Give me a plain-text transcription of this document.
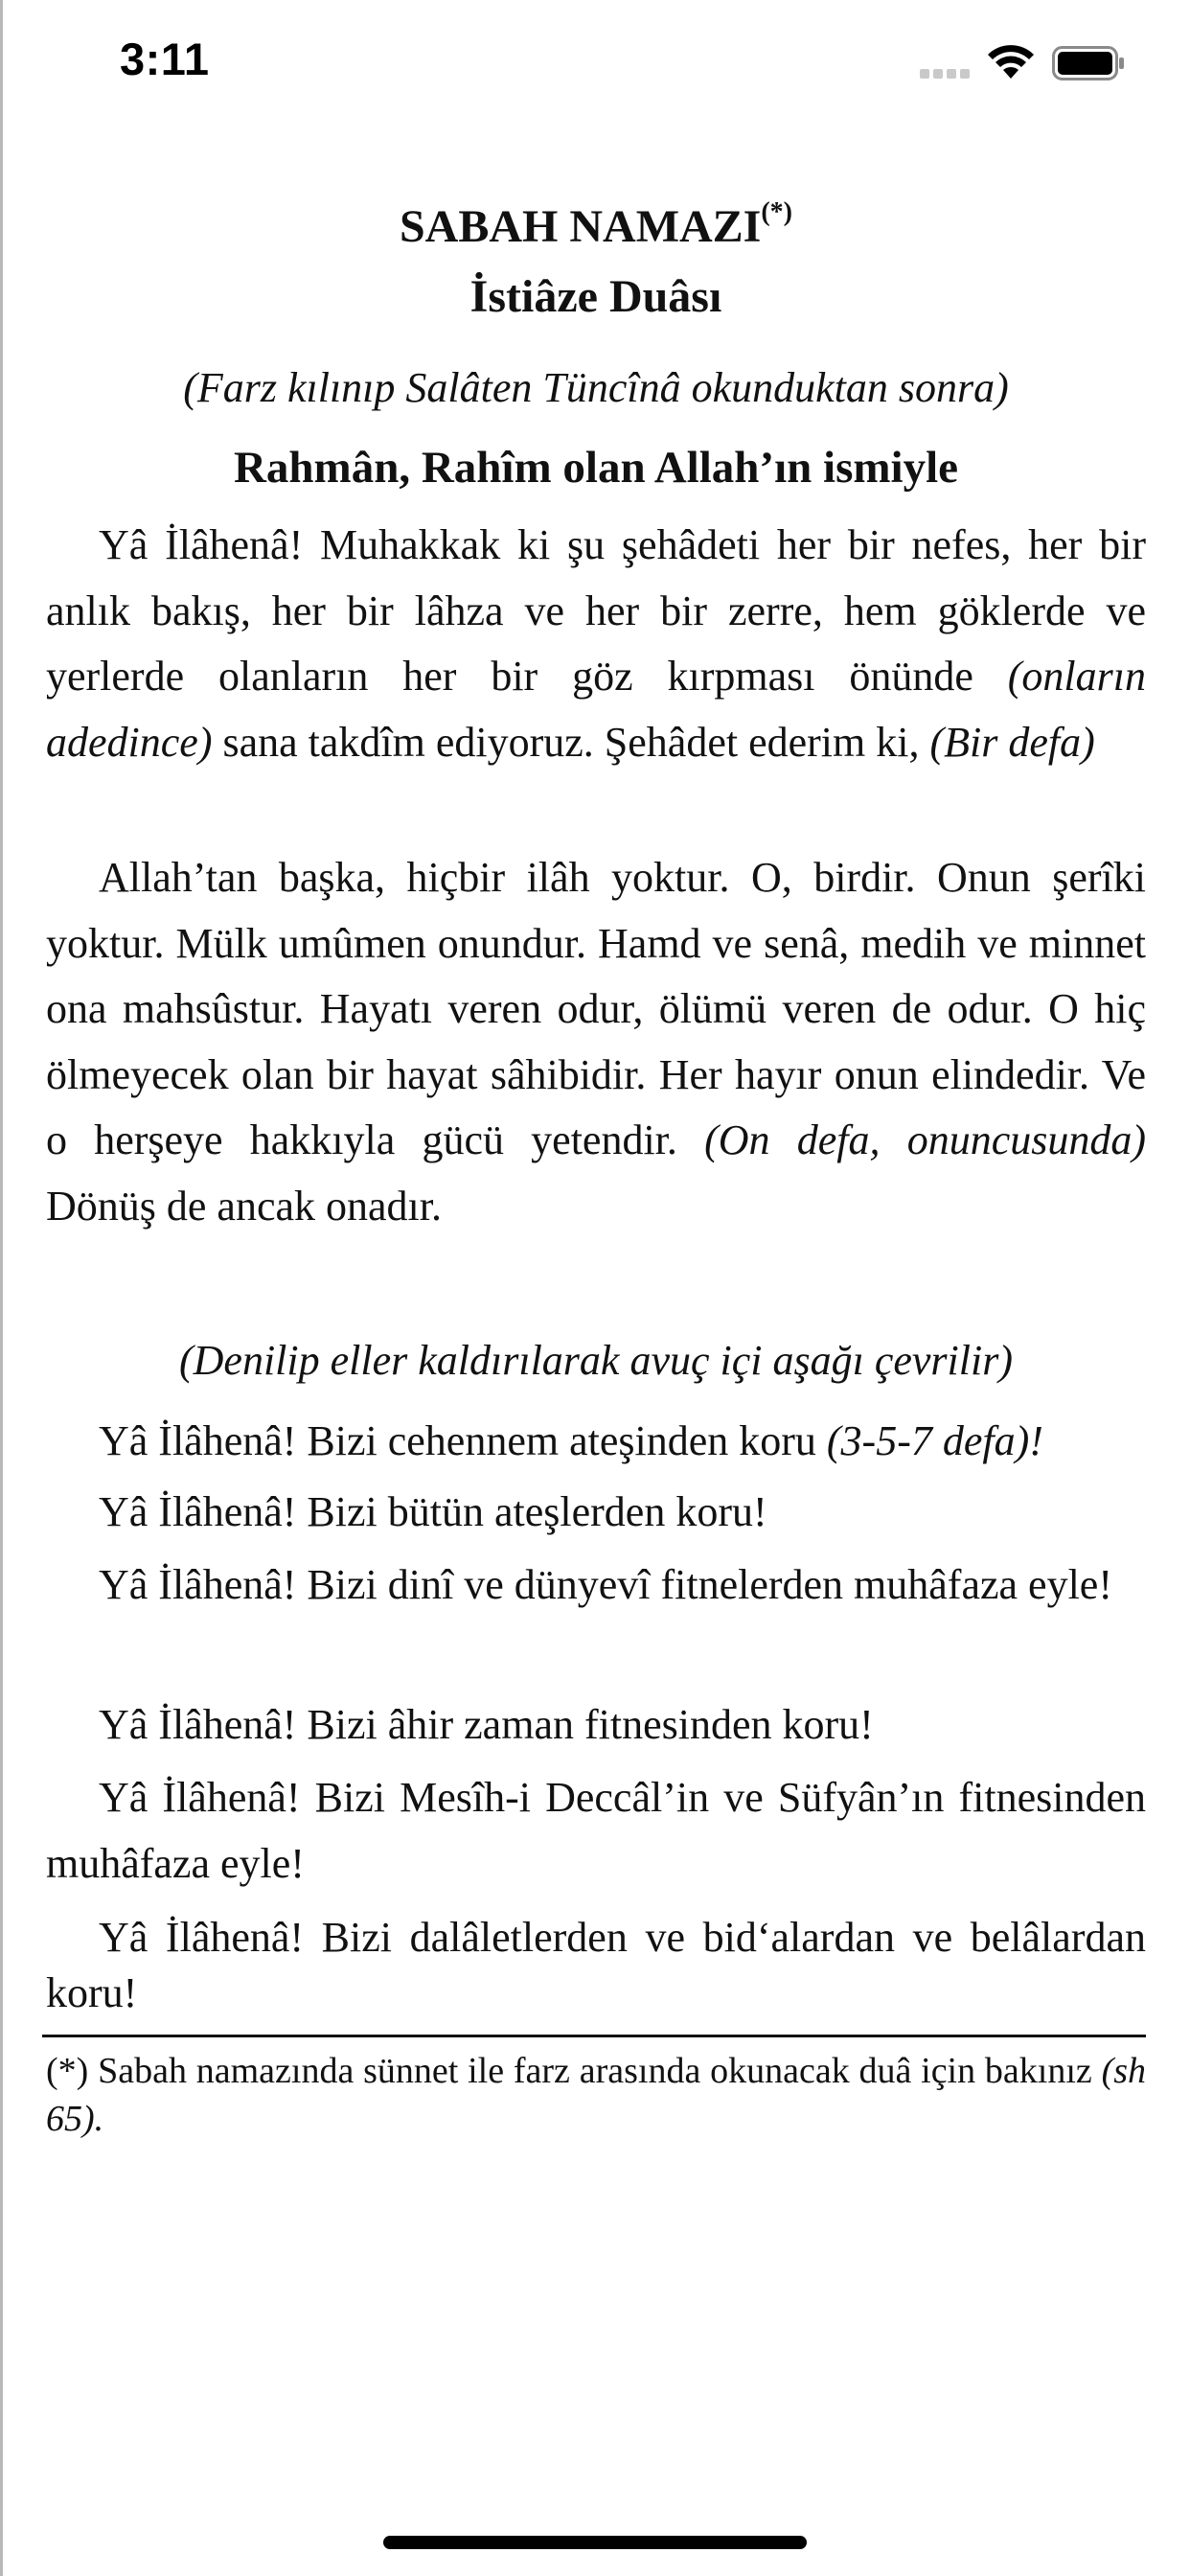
3:11
SABAH NAMAZI(*)
İstiâze Duâsı
(Farz kılınıp Salâten Tüncînâ okunduktan sonra)
Rahmân, Rahîm olan Allah’ın ismiyle

Yâ İlâhenâ! Muhakkak ki şu şehâdeti her bir nefes, her bir anlık bakış, her bir lâhza ve her bir zerre, hem göklerde ve yerlerde olanların her bir göz kırpması önünde (onların adedince) sana takdîm ediyoruz. Şehâdet ederim ki, (Bir defa)

Allah’tan başka, hiçbir ilâh yoktur. O, birdir. Onun şerîki yoktur. Mülk umûmen onundur. Hamd ve senâ, medih ve minnet ona mahsûstur. Hayatı veren odur, ölümü veren de odur. O hiç ölmeyecek olan bir hayat sâhibidir. Her hayır onun elindedir. Ve o herşeye hakkıyla gücü yetendir. (On defa, onuncusunda) Dönüş de ancak onadır.

(Denilip eller kaldırılarak avuç içi aşağı çevrilir)

Yâ İlâhenâ! Bizi cehennem ateşinden koru (3-5-7 defa)!

Yâ İlâhenâ! Bizi bütün ateşlerden koru!

Yâ İlâhenâ! Bizi dinî ve dünyevî fitnelerden muhâfaza eyle!

Yâ İlâhenâ! Bizi âhir zaman fitnesinden koru!

Yâ İlâhenâ! Bizi Mesîh-i Deccâl’in ve Süfyân’ın fitnesinden muhâfaza eyle!

Yâ İlâhenâ! Bizi dalâletlerden ve bid‘alardan ve belâlardan koru!

(*) Sabah namazında sünnet ile farz arasında okunacak duâ için bakınız (sh 65).
